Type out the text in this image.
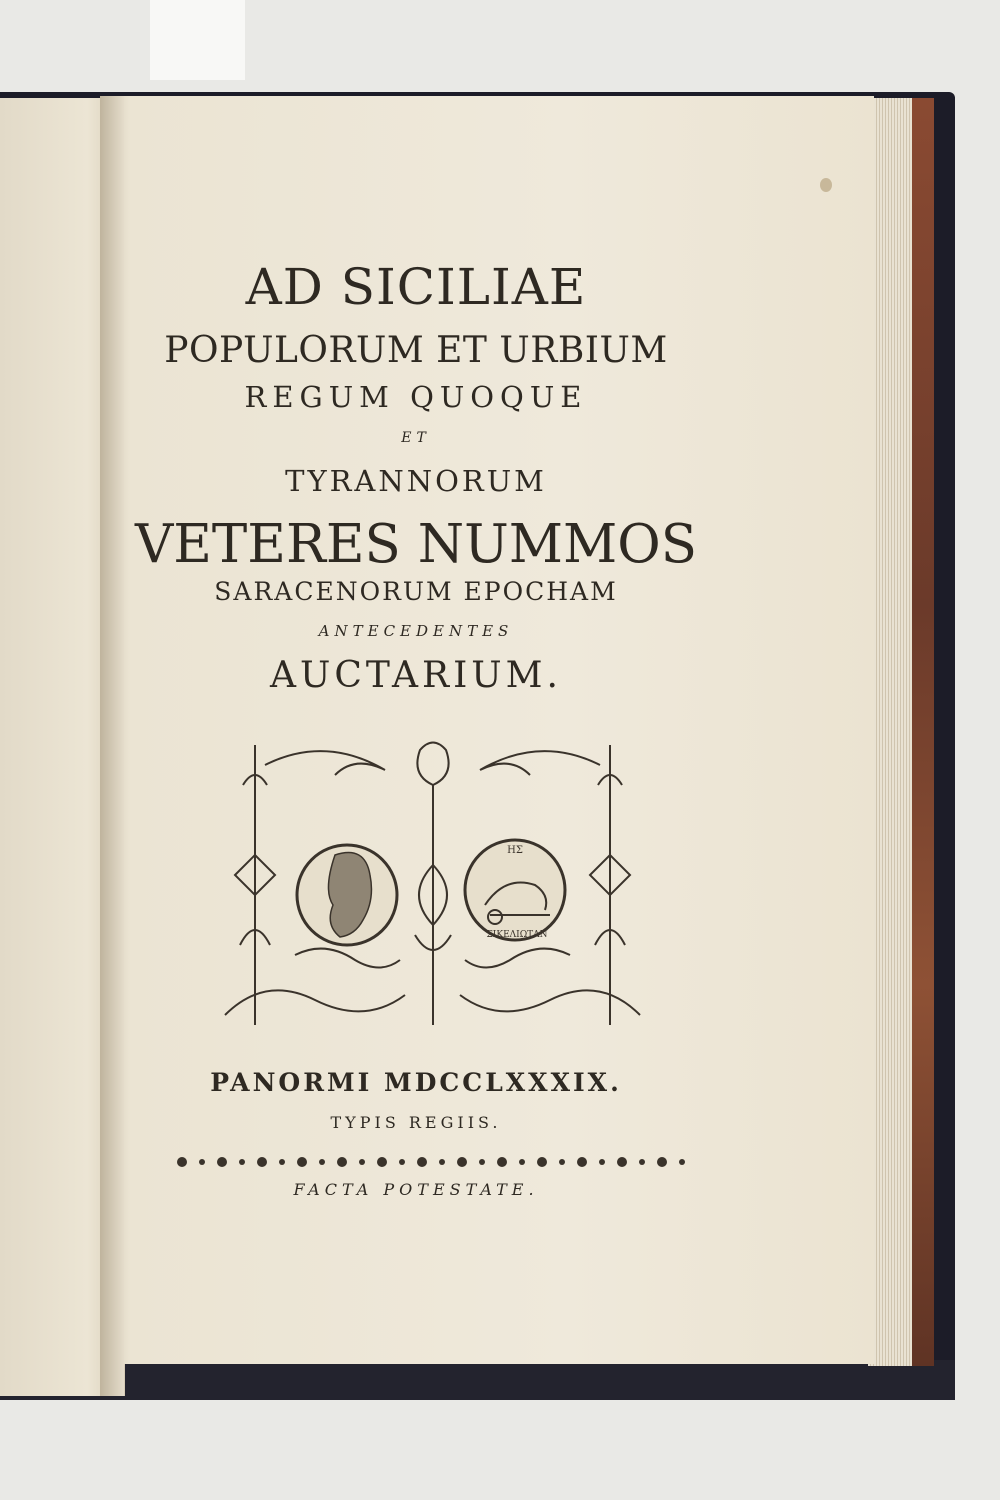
AD SICILIAE
POPULORUM ET URBIUM
REGUM QUOQUE
ET
TYRANNORUM
VETERES NUMMOS
SARACENORUM EPOCHAM
ANTECEDENTES
AUCTARIUM.
ΗΣ
ΣΙΚΕΛΙΩΤΑΝ
PANORMI MDCCLXXXIX.
TYPIS REGIIS.
FACTA POTESTATE.
